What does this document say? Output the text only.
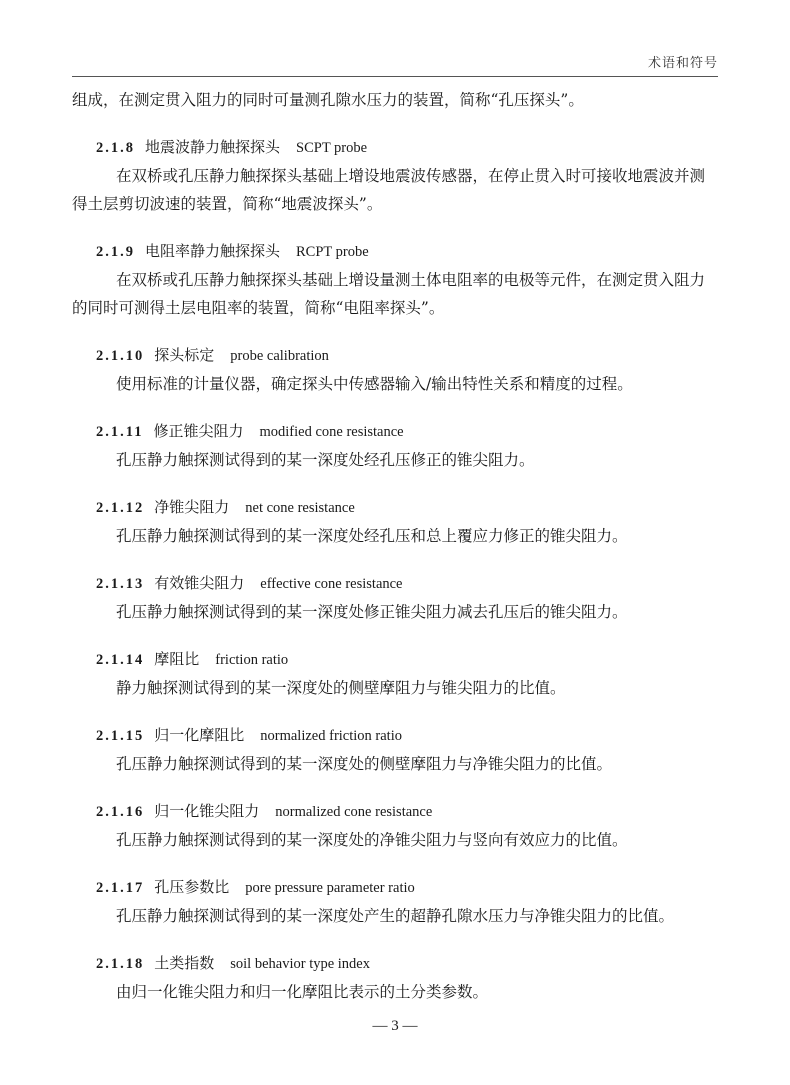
术语和符号

组成，在测定贯入阻力的同时可量测孔隙水压力的装置，简称“孔压探头”。

2.1.8 地震波静力触探探头 SCPT probe

在双桥或孔压静力触探探头基础上增设地震波传感器，在停止贯入时可接收地震波并测得土层剪切波速的装置，简称“地震波探头”。

2.1.9 电阻率静力触探探头 RCPT probe

在双桥或孔压静力触探探头基础上增设量测土体电阻率的电极等元件，在测定贯入阻力的同时可测得土层电阻率的装置，简称“电阻率探头”。

2.1.10 探头标定 probe calibration

使用标准的计量仪器，确定探头中传感器输入/输出特性关系和精度的过程。

2.1.11 修正锥尖阻力 modified cone resistance

孔压静力触探测试得到的某一深度处经孔压修正的锥尖阻力。

2.1.12 净锥尖阻力 net cone resistance

孔压静力触探测试得到的某一深度处经孔压和总上覆应力修正的锥尖阻力。

2.1.13 有效锥尖阻力 effective cone resistance

孔压静力触探测试得到的某一深度处修正锥尖阻力减去孔压后的锥尖阻力。

2.1.14 摩阻比 friction ratio

静力触探测试得到的某一深度处的侧壁摩阻力与锥尖阻力的比值。

2.1.15 归一化摩阻比 normalized friction ratio

孔压静力触探测试得到的某一深度处的侧壁摩阻力与净锥尖阻力的比值。

2.1.16 归一化锥尖阻力 normalized cone resistance

孔压静力触探测试得到的某一深度处的净锥尖阻力与竖向有效应力的比值。

2.1.17 孔压参数比 pore pressure parameter ratio

孔压静力触探测试得到的某一深度处产生的超静孔隙水压力与净锥尖阻力的比值。

2.1.18 土类指数 soil behavior type index

由归一化锥尖阻力和归一化摩阻比表示的土分类参数。

— 3 —
